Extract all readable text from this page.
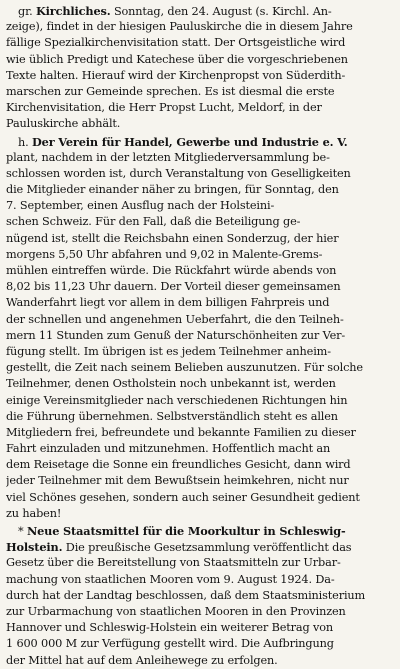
gr. Kirchliches. Sonntag, den 24. August (s. Kirchl. An-
zeige), findet in der hiesigen Pauluskirche die in diesem Jahre
fällige Spezialkirchenvisitation statt. Der Ortsgeistliche wird
wie üblich Predigt und Katechese über die vorgeschriebenen
Texte halten. Hierauf wird der Kirchenpropst von Süderdith-
marschen zur Gemeinde sprechen. Es ist diesmal die erste
Kirchenvisitation, die Herr Propst Lucht, Meldorf, in der
Pauluskirche abhält.
h. Der Verein für Handel, Gewerbe und Industrie e. V.
plant, nachdem in der letzten Mitgliederversammlung be-
schlossen worden ist, durch Veranstaltung von Geselligkeiten
die Mitglieder einander näher zu bringen, für Sonntag, den
7. September, einen Ausflug nach der Holsteini-
schen Schweiz. Für den Fall, daß die Beteiligung ge-
nügend ist, stellt die Reichsbahn einen Sonderzug, der hier
morgens 5,50 Uhr abfahren und 9,02 in Malente-Grems-
mühlen eintreffen würde. Die Rückfahrt würde abends von
8,02 bis 11,23 Uhr dauern. Der Vorteil dieser gemeinsamen
Wanderfahrt liegt vor allem in dem billigen Fahrpreis und
der schnellen und angenehmen Ueberfahrt, die den Teilneh-
mern 11 Stunden zum Genuß der Naturschönheiten zur Ver-
fügung stellt. Im übrigen ist es jedem Teilnehmer anheim-
gestellt, die Zeit nach seinem Belieben auszunutzen. Für solche
Teilnehmer, denen Ostholstein noch unbekannt ist, werden
einige Vereinsmitglieder nach verschiedenen Richtungen hin
die Führung übernehmen. Selbstverständlich steht es allen
Mitgliedern frei, befreundete und bekannte Familien zu dieser
Fahrt einzuladen und mitzunehmen. Hoffentlich macht an
dem Reisetage die Sonne ein freundliches Gesicht, dann wird
jeder Teilnehmer mit dem Bewußtsein heimkehren, nicht nur
viel Schönes gesehen, sondern auch seiner Gesundheit gedient
zu haben!
* Neue Staatsmittel für die Moorkultur in Schleswig-
Holstein. Die preußische Gesetzsammlung veröffentlicht das
Gesetz über die Bereitstellung von Staatsmitteln zur Urbar-
machung von staatlichen Mooren vom 9. August 1924. Da-
durch hat der Landtag beschlossen, daß dem Staatsministerium
zur Urbarmachung von staatlichen Mooren in den Provinzen
Hannover und Schleswig-Holstein ein weiterer Betrag von
1 600 000 M zur Verfügung gestellt wird. Die Aufbringung
der Mittel hat auf dem Anleihewege zu erfolgen.
